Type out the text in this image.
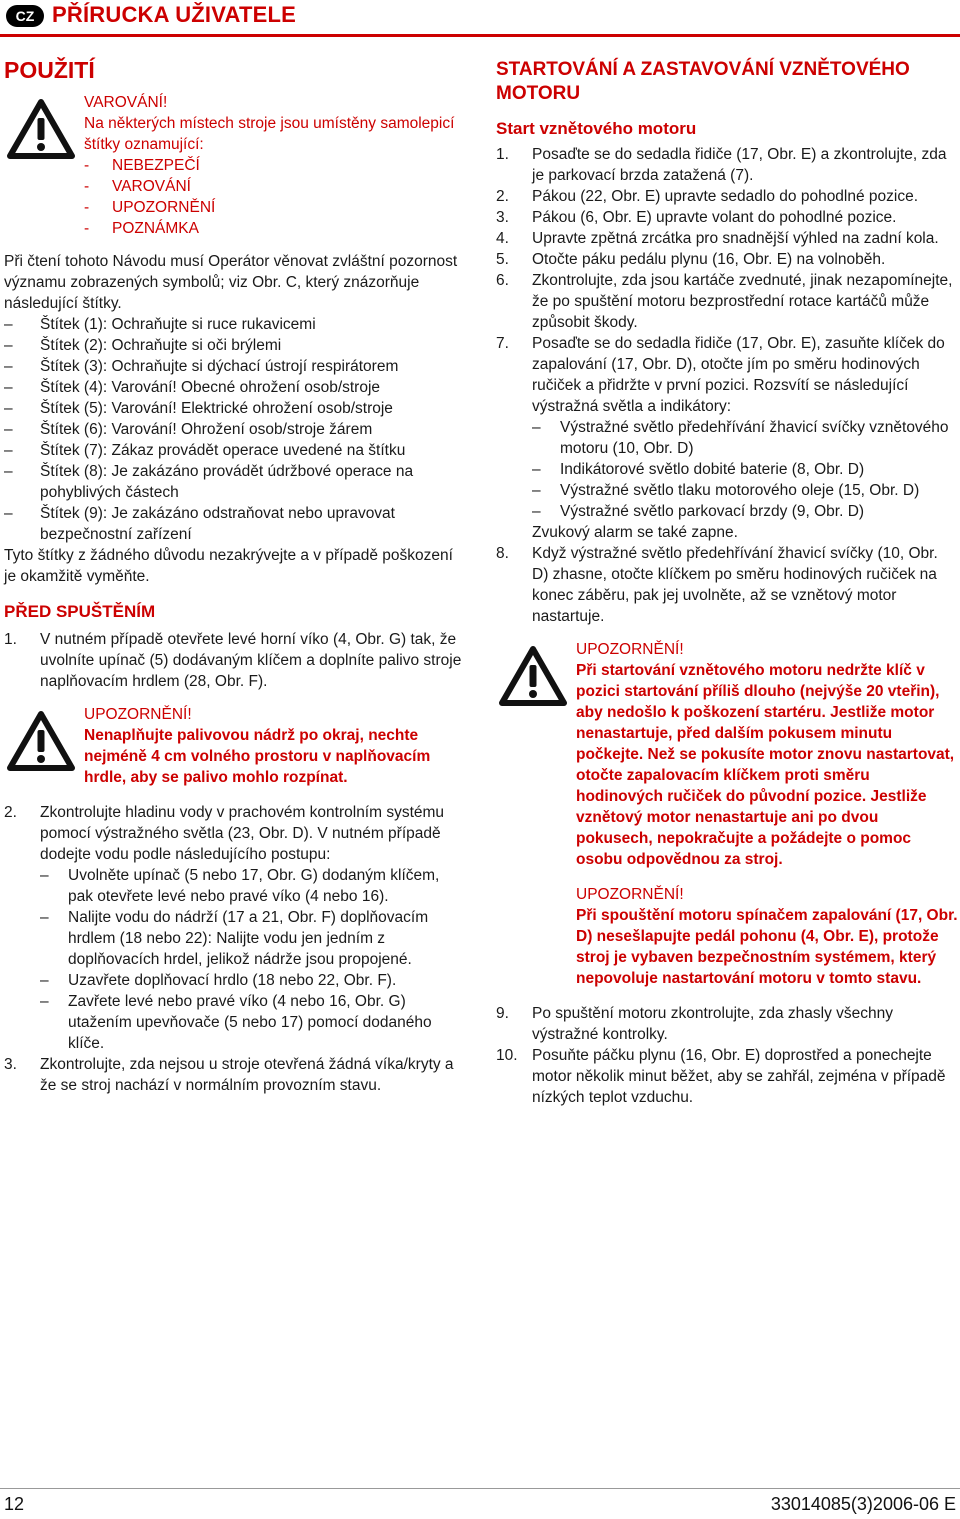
CZ PŘÍRUCKA UŽIVATELE
POUŽITÍ

VAROVÁNÍ!

Na některých místech stroje jsou umístěny samolepicí štítky oznamující:

- NEBEZPEČÍ

- VAROVÁNÍ

- UPOZORNĚNÍ

- POZNÁMKA

Při čtení tohoto Návodu musí Operátor věnovat zvláštní pozornost významu zobrazených symbolů; viz Obr. C, který znázorňuje následující štítky.

– Štítek (1): Ochraňujte si ruce rukavicemi

– Štítek (2): Ochraňujte si oči brýlemi

– Štítek (3): Ochraňujte si dýchací ústrojí respirátorem

– Štítek (4): Varování! Obecné ohrožení osob/stroje

– Štítek (5): Varování! Elektrické ohrožení osob/stroje

– Štítek (6): Varování! Ohrožení osob/stroje žárem

– Štítek (7): Zákaz provádět operace uvedené na štítku

– Štítek (8): Je zakázáno provádět údržbové operace na pohyblivých částech

– Štítek (9): Je zakázáno odstraňovat nebo upravovat bezpečnostní zařízení

Tyto štítky z žádného důvodu nezakrývejte a v případě poškození je okamžitě vyměňte.

PŘED SPUŠTĚNÍM
1. V nutném případě otevřete levé horní víko (4, Obr. G) tak, že uvolníte upínač (5) dodávaným klíčem a doplníte palivo stroje naplňovacím hrdlem (28, Obr. F).

UPOZORNĚNÍ!

Nenaplňujte palivovou nádrž po okraj, nechte nejméně 4 cm volného prostoru v naplňovacím hrdle, aby se palivo mohlo rozpínat.

2. Zkontrolujte hladinu vody v prachovém kontrolním systému pomocí výstražného světla (23, Obr. D). V nutném případě dodejte vodu podle následujícího postupu:

– Uvolněte upínač (5 nebo 17, Obr. G) dodaným klíčem, pak otevřete levé nebo pravé víko (4 nebo 16).

– Nalijte vodu do nádrží (17 a 21, Obr. F) doplňovacím hrdlem (18 nebo 22): Nalijte vodu jen jedním z doplňovacích hrdel, jelikož nádrže jsou propojené.

– Uzavřete doplňovací hrdlo (18 nebo 22, Obr. F).

– Zavřete levé nebo pravé víko (4 nebo 16, Obr. G) utažením upevňovače (5 nebo 17) pomocí dodaného klíče.

3. Zkontrolujte, zda nejsou u stroje otevřená žádná víka/kryty a že se stroj nachází v normálním provozním stavu.

STARTOVÁNÍ A ZASTAVOVÁNÍ VZNĚTOVÉHO MOTORU
Start vznětového motoru
1. Posaďte se do sedadla řidiče (17, Obr. E) a zkontrolujte, zda je parkovací brzda zatažená (7).

2. Pákou (22, Obr. E) upravte sedadlo do pohodlné pozice.

3. Pákou (6, Obr. E) upravte volant do pohodlné pozice.

4. Upravte zpětná zrcátka pro snadnější výhled na zadní kola.

5. Otočte páku pedálu plynu (16, Obr. E) na volnoběh.

6. Zkontrolujte, zda jsou kartáče zvednuté, jinak nezapomínejte, že po spuštění motoru bezprostřední rotace kartáčů může způsobit škody.

7. Posaďte se do sedadla řidiče (17, Obr. E), zasuňte klíček do zapalování (17, Obr. D), otočte jím po směru hodinových ručiček a přidržte v první pozici. Rozsvítí se následující výstražná světla a indikátory:

– Výstražné světlo předehřívání žhavicí svíčky vznětového motoru (10, Obr. D)

– Indikátorové světlo dobité baterie (8, Obr. D)

– Výstražné světlo tlaku motorového oleje (15, Obr. D)

– Výstražné světlo parkovací brzdy (9, Obr. D)

Zvukový alarm se také zapne.

8. Když výstražné světlo předehřívání žhavicí svíčky (10, Obr. D) zhasne, otočte klíčkem po směru hodinových ručiček na konec záběru, pak jej uvolněte, až se vznětový motor nastartuje.

UPOZORNĚNÍ!

Při startování vznětového motoru nedržte klíč v pozici startování příliš dlouho (nejvýše 20 vteřin), aby nedošlo k poškození startéru. Jestliže motor nenastartuje, před dalším pokusem minutu počkejte. Než se pokusíte motor znovu nastartovat, otočte zapalovacím klíčkem proti směru hodinových ručiček do původní pozice. Jestliže vznětový motor nenastartuje ani po dvou pokusech, nepokračujte a požádejte o pomoc osobu odpovědnou za stroj.

UPOZORNĚNÍ!

Při spouštění motoru spínačem zapalování (17, Obr. D) nesešlapujte pedál pohonu (4, Obr. E), protože stroj je vybaven bezpečnostním systémem, který nepovoluje nastartování motoru v tomto stavu.

9. Po spuštění motoru zkontrolujte, zda zhasly všechny výstražné kontrolky.

10. Posuňte páčku plynu (16, Obr. E) doprostřed a ponechejte motor několik minut běžet, aby se zahřál, zejména v případě nízkých teplot vzduchu.

12	33014085(3)2006-06 E
